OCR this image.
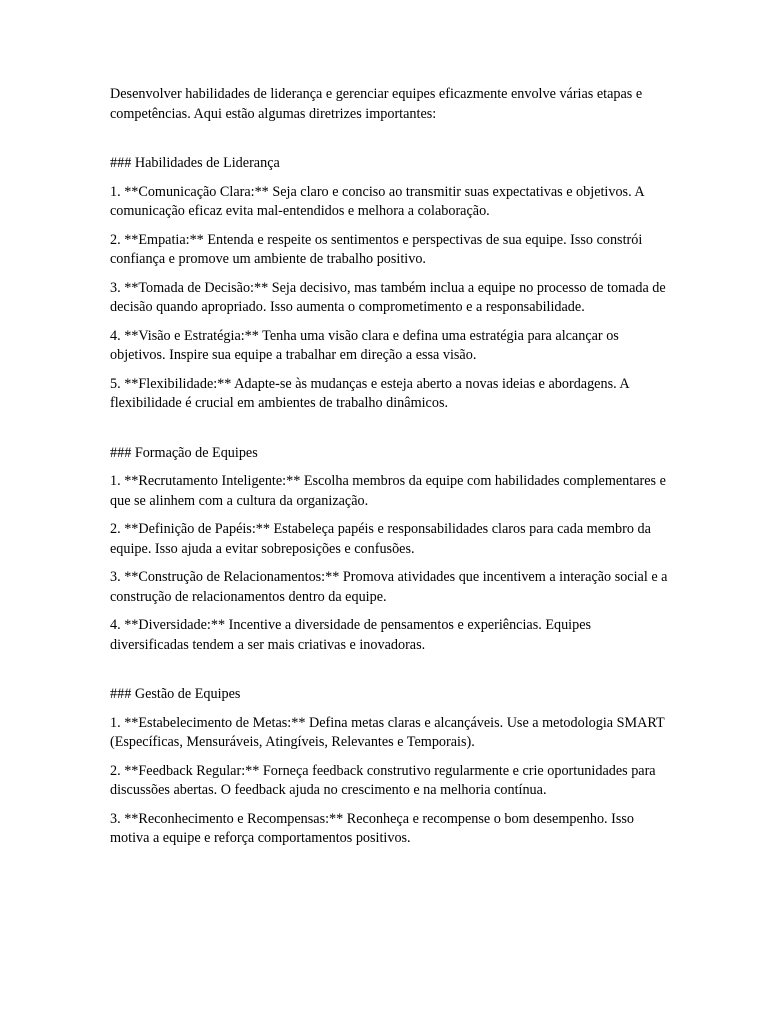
Desenvolver habilidades de liderança e gerenciar equipes eficazmente envolve várias etapas e competências. Aqui estão algumas diretrizes importantes:

### Habilidades de Liderança

1. **Comunicação Clara:** Seja claro e conciso ao transmitir suas expectativas e objetivos. A comunicação eficaz evita mal-entendidos e melhora a colaboração.

2. **Empatia:** Entenda e respeite os sentimentos e perspectivas de sua equipe. Isso constrói confiança e promove um ambiente de trabalho positivo.

3. **Tomada de Decisão:** Seja decisivo, mas também inclua a equipe no processo de tomada de decisão quando apropriado. Isso aumenta o comprometimento e a responsabilidade.

4. **Visão e Estratégia:** Tenha uma visão clara e defina uma estratégia para alcançar os objetivos. Inspire sua equipe a trabalhar em direção a essa visão.

5. **Flexibilidade:** Adapte-se às mudanças e esteja aberto a novas ideias e abordagens. A flexibilidade é crucial em ambientes de trabalho dinâmicos.

### Formação de Equipes

1. **Recrutamento Inteligente:** Escolha membros da equipe com habilidades complementares e que se alinhem com a cultura da organização.

2. **Definição de Papéis:** Estabeleça papéis e responsabilidades claros para cada membro da equipe. Isso ajuda a evitar sobreposições e confusões.

3. **Construção de Relacionamentos:** Promova atividades que incentivem a interação social e a construção de relacionamentos dentro da equipe.

4. **Diversidade:** Incentive a diversidade de pensamentos e experiências. Equipes diversificadas tendem a ser mais criativas e inovadoras.

### Gestão de Equipes

1. **Estabelecimento de Metas:** Defina metas claras e alcançáveis. Use a metodologia SMART (Específicas, Mensuráveis, Atingíveis, Relevantes e Temporais).

2. **Feedback Regular:** Forneça feedback construtivo regularmente e crie oportunidades para discussões abertas. O feedback ajuda no crescimento e na melhoria contínua.

3. **Reconhecimento e Recompensas:** Reconheça e recompense o bom desempenho. Isso motiva a equipe e reforça comportamentos positivos.
